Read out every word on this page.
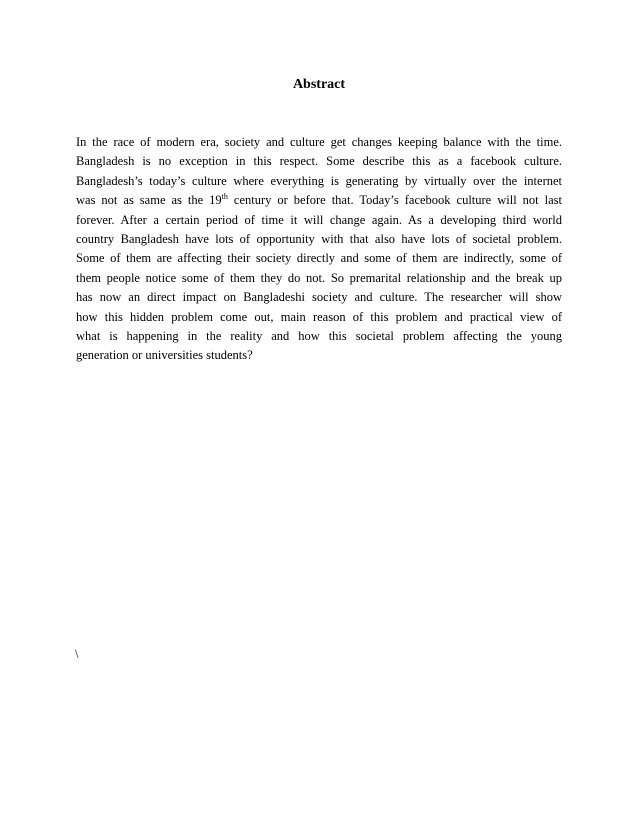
Abstract
In the race of modern era, society and culture get changes keeping balance with the time.
Bangladesh is no exception in this respect. Some describe this as a facebook culture.
Bangladesh’s today’s culture where everything is generating by virtually over the internet
was not as same as the 19th century or before that. Today’s facebook culture will not last
forever. After a certain period of time it will change again. As a developing third world
country Bangladesh have lots of opportunity with that also have lots of societal problem.
Some of them are affecting their society directly and some of them are indirectly, some of
them people notice some of them they do not. So premarital relationship and the break up
has now an direct impact on Bangladeshi society and culture. The researcher will show
how this hidden problem come out, main reason of this problem and practical view of
what is happening in the reality and how this societal problem affecting the young
generation or universities students?
\
